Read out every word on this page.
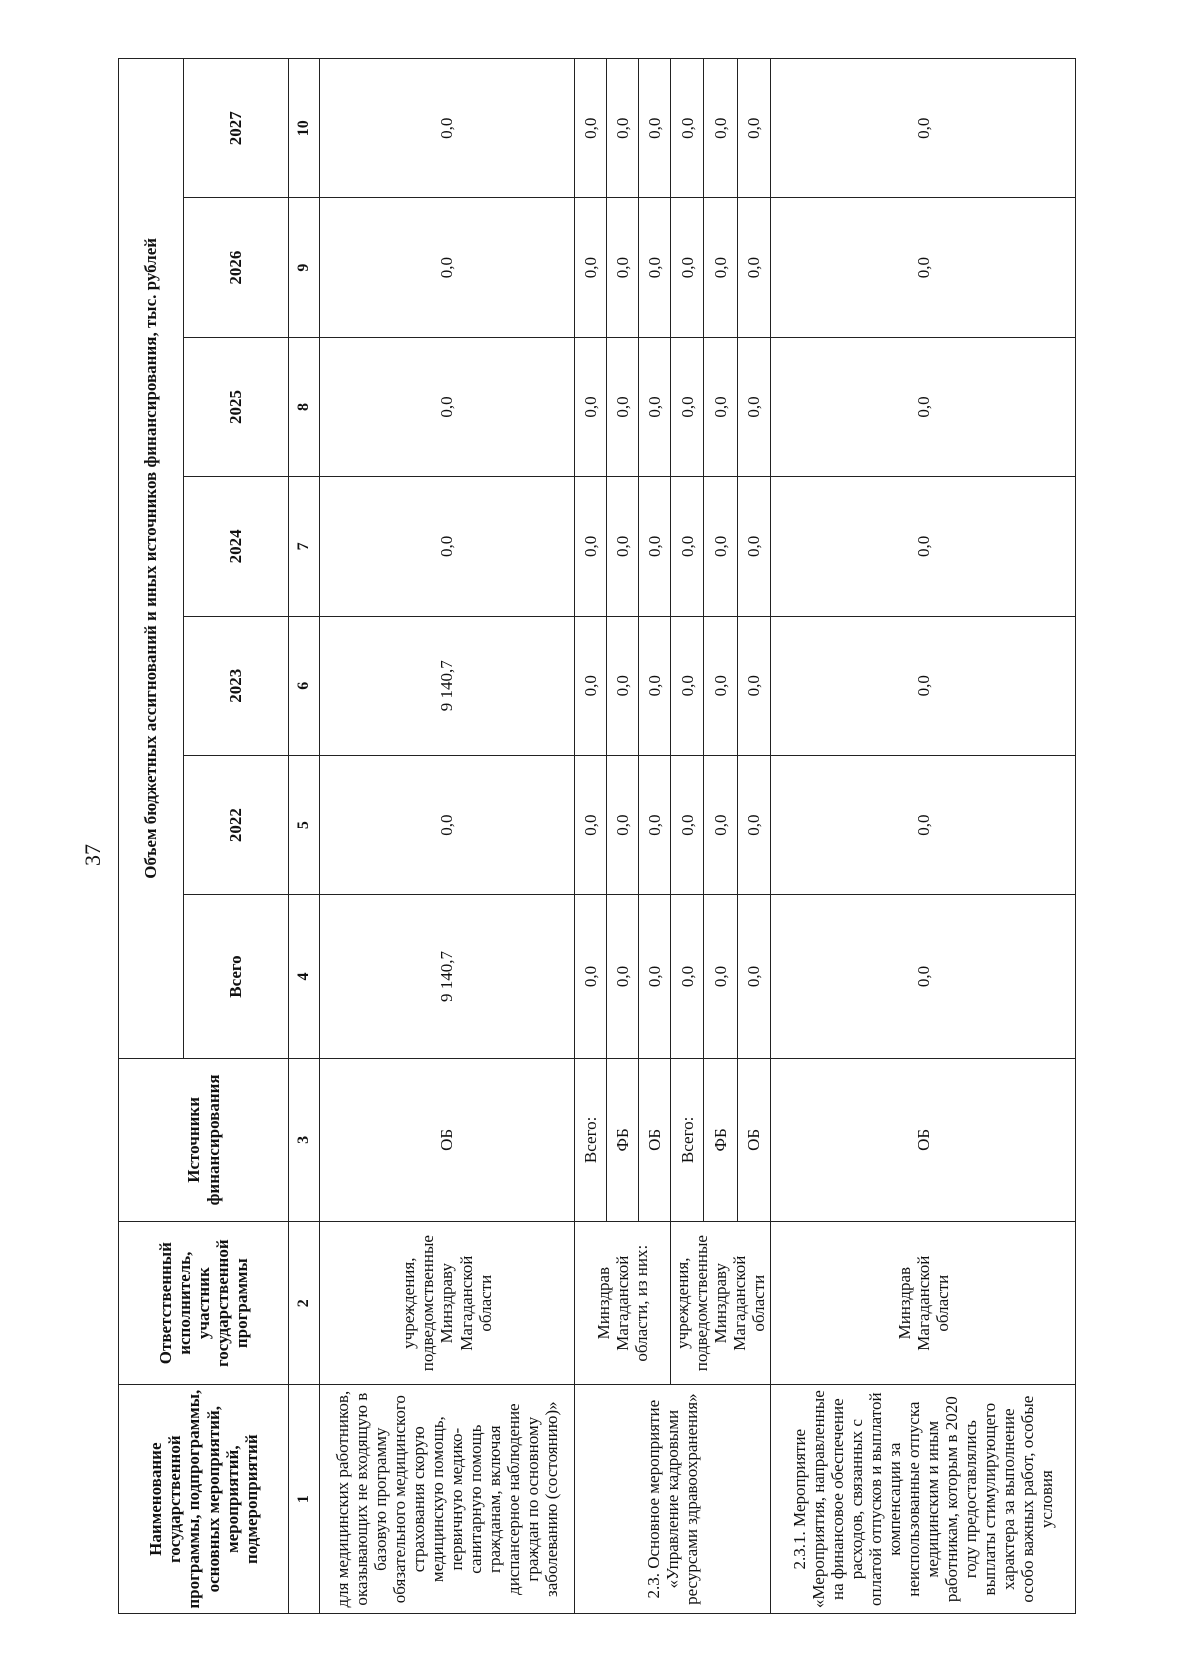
37
Наименование государственной программы, подпрограммы, основных мероприятий, мероприятий, подмероприятий	Ответственный исполнитель, участник государственной программы	Источники финансирования	Объем бюджетных ассигнований и иных источников финансирования, тыс. рублей						
			Всего	2022	2023	2024	2025	2026	2027
1	2	3	4	5	6	7	8	9	10
для медицинских работников, оказывающих не входящую в базовую программу обязательного медицинского страхования скорую медицинскую помощь, первичную медико-санитарную помощь гражданам, включая диспансерное наблюдение граждан по основному заболеванию (состоянию)»	учреждения, подведомственные Минздраву Магаданской области	ОБ	9 140,7	0,0	9 140,7	0,0	0,0	0,0	0,0
2.3. Основное мероприятие «Управление кадровыми ресурсами здравоохранения»	Минздрав Магаданской области, из них:	Всего:	0,0	0,0	0,0	0,0	0,0	0,0	0,0
		ФБ	0,0	0,0	0,0	0,0	0,0	0,0	0,0
		ОБ	0,0	0,0	0,0	0,0	0,0	0,0	0,0
	учреждения, подведомственные Минздраву Магаданской области	Всего:	0,0	0,0	0,0	0,0	0,0	0,0	0,0
		ФБ	0,0	0,0	0,0	0,0	0,0	0,0	0,0
		ОБ	0,0	0,0	0,0	0,0	0,0	0,0	0,0
2.3.1. Мероприятие «Мероприятия, направленные на финансовое обеспечение расходов, связанных с оплатой отпусков и выплатой компенсации за неиспользованные отпуска медицинским и иным работникам, которым в 2020 году предоставлялись выплаты стимулирующего характера за выполнение особо важных работ, особые условия	Минздрав Магаданской области	ОБ	0,0	0,0	0,0	0,0	0,0	0,0	0,0
